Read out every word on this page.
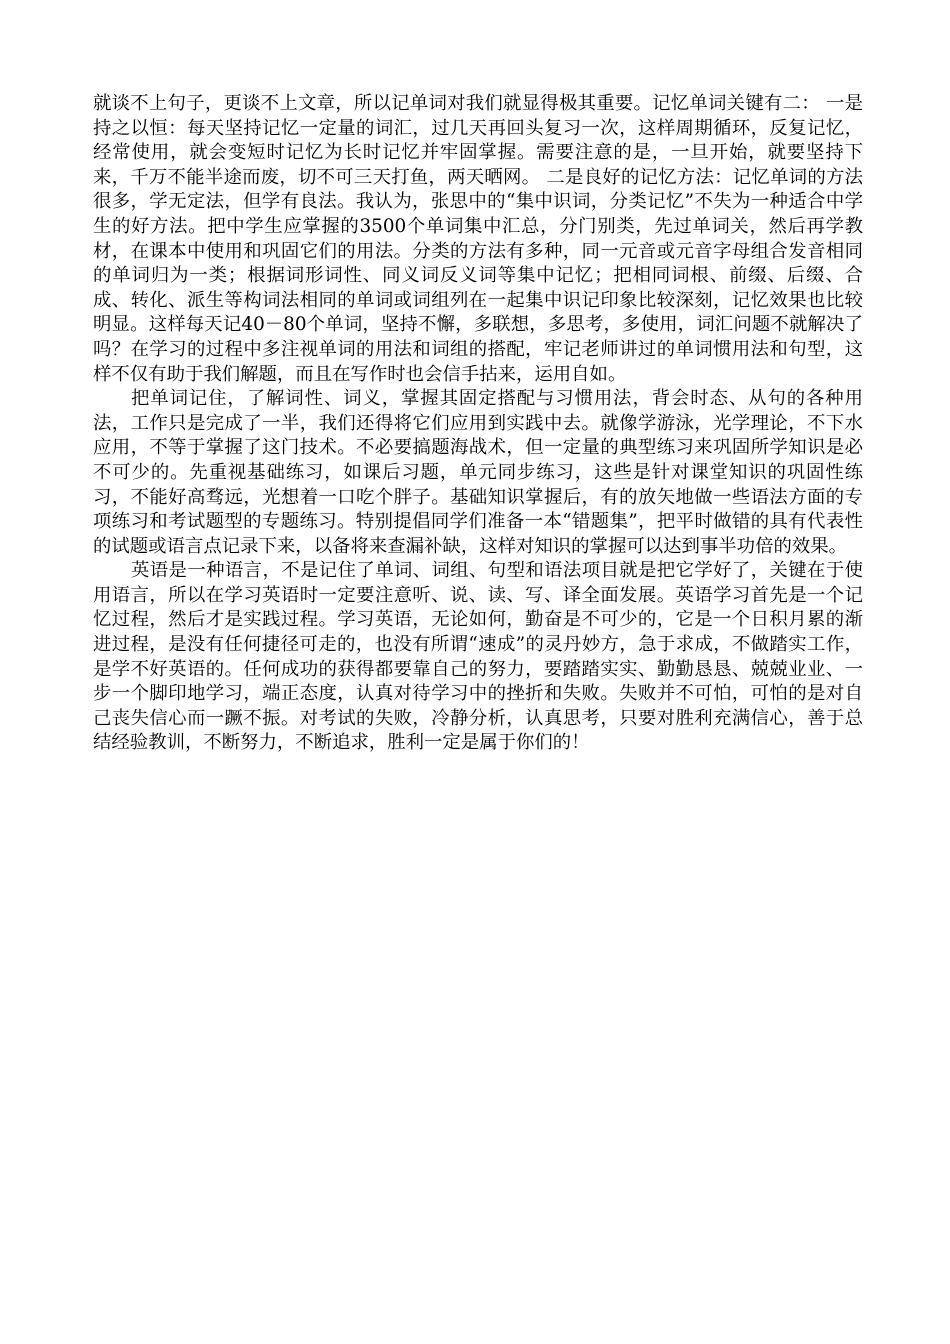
就谈不上句子，更谈不上文章，所以记单词对我们就显得极其重要。记忆单词关键有二： 一是持之以恒：每天坚持记忆一定量的词汇，过几天再回头复习一次，这样周期循环，反复记忆，经常使用，就会变短时记忆为长时记忆并牢固掌握。需要注意的是，一旦开始，就要坚持下来，千万不能半途而废，切不可三天打鱼，两天晒网。 二是良好的记忆方法：记忆单词的方法很多，学无定法，但学有良法。我认为，张思中的“集中识词，分类记忆”不失为一种适合中学生的好方法。把中学生应掌握的3500个单词集中汇总，分门别类，先过单词关，然后再学教材，在课本中使用和巩固它们的用法。分类的方法有多种，同一元音或元音字母组合发音相同的单词归为一类；根据词形词性、同义词反义词等集中记忆；把相同词根、前缀、后缀、合成、转化、派生等构词法相同的单词或词组列在一起集中识记印象比较深刻，记忆效果也比较明显。这样每天记40－80个单词，坚持不懈，多联想，多思考，多使用，词汇问题不就解决了吗？在学习的过程中多注视单词的用法和词组的搭配，牢记老师讲过的单词惯用法和句型，这样不仅有助于我们解题，而且在写作时也会信手拈来，运用自如。

把单词记住，了解词性、词义，掌握其固定搭配与习惯用法，背会时态、从句的各种用法，工作只是完成了一半，我们还得将它们应用到实践中去。就像学游泳，光学理论，不下水应用，不等于掌握了这门技术。不必要搞题海战术，但一定量的典型练习来巩固所学知识是必不可少的。先重视基础练习，如课后习题，单元同步练习，这些是针对课堂知识的巩固性练习，不能好高骛远，光想着一口吃个胖子。基础知识掌握后，有的放矢地做一些语法方面的专项练习和考试题型的专题练习。特别提倡同学们准备一本“错题集”，把平时做错的具有代表性的试题或语言点记录下来，以备将来查漏补缺，这样对知识的掌握可以达到事半功倍的效果。

英语是一种语言，不是记住了单词、词组、句型和语法项目就是把它学好了，关键在于使用语言，所以在学习英语时一定要注意听、说、读、写、译全面发展。英语学习首先是一个记忆过程，然后才是实践过程。学习英语，无论如何，勤奋是不可少的，它是一个日积月累的渐进过程，是没有任何捷径可走的，也没有所谓“速成”的灵丹妙方，急于求成，不做踏实工作，是学不好英语的。任何成功的获得都要靠自己的努力，要踏踏实实、勤勤恳恳、兢兢业业、一步一个脚印地学习，端正态度，认真对待学习中的挫折和失败。失败并不可怕，可怕的是对自己丧失信心而一蹶不振。对考试的失败，冷静分析，认真思考，只要对胜利充满信心，善于总结经验教训，不断努力，不断追求，胜利一定是属于你们的！
